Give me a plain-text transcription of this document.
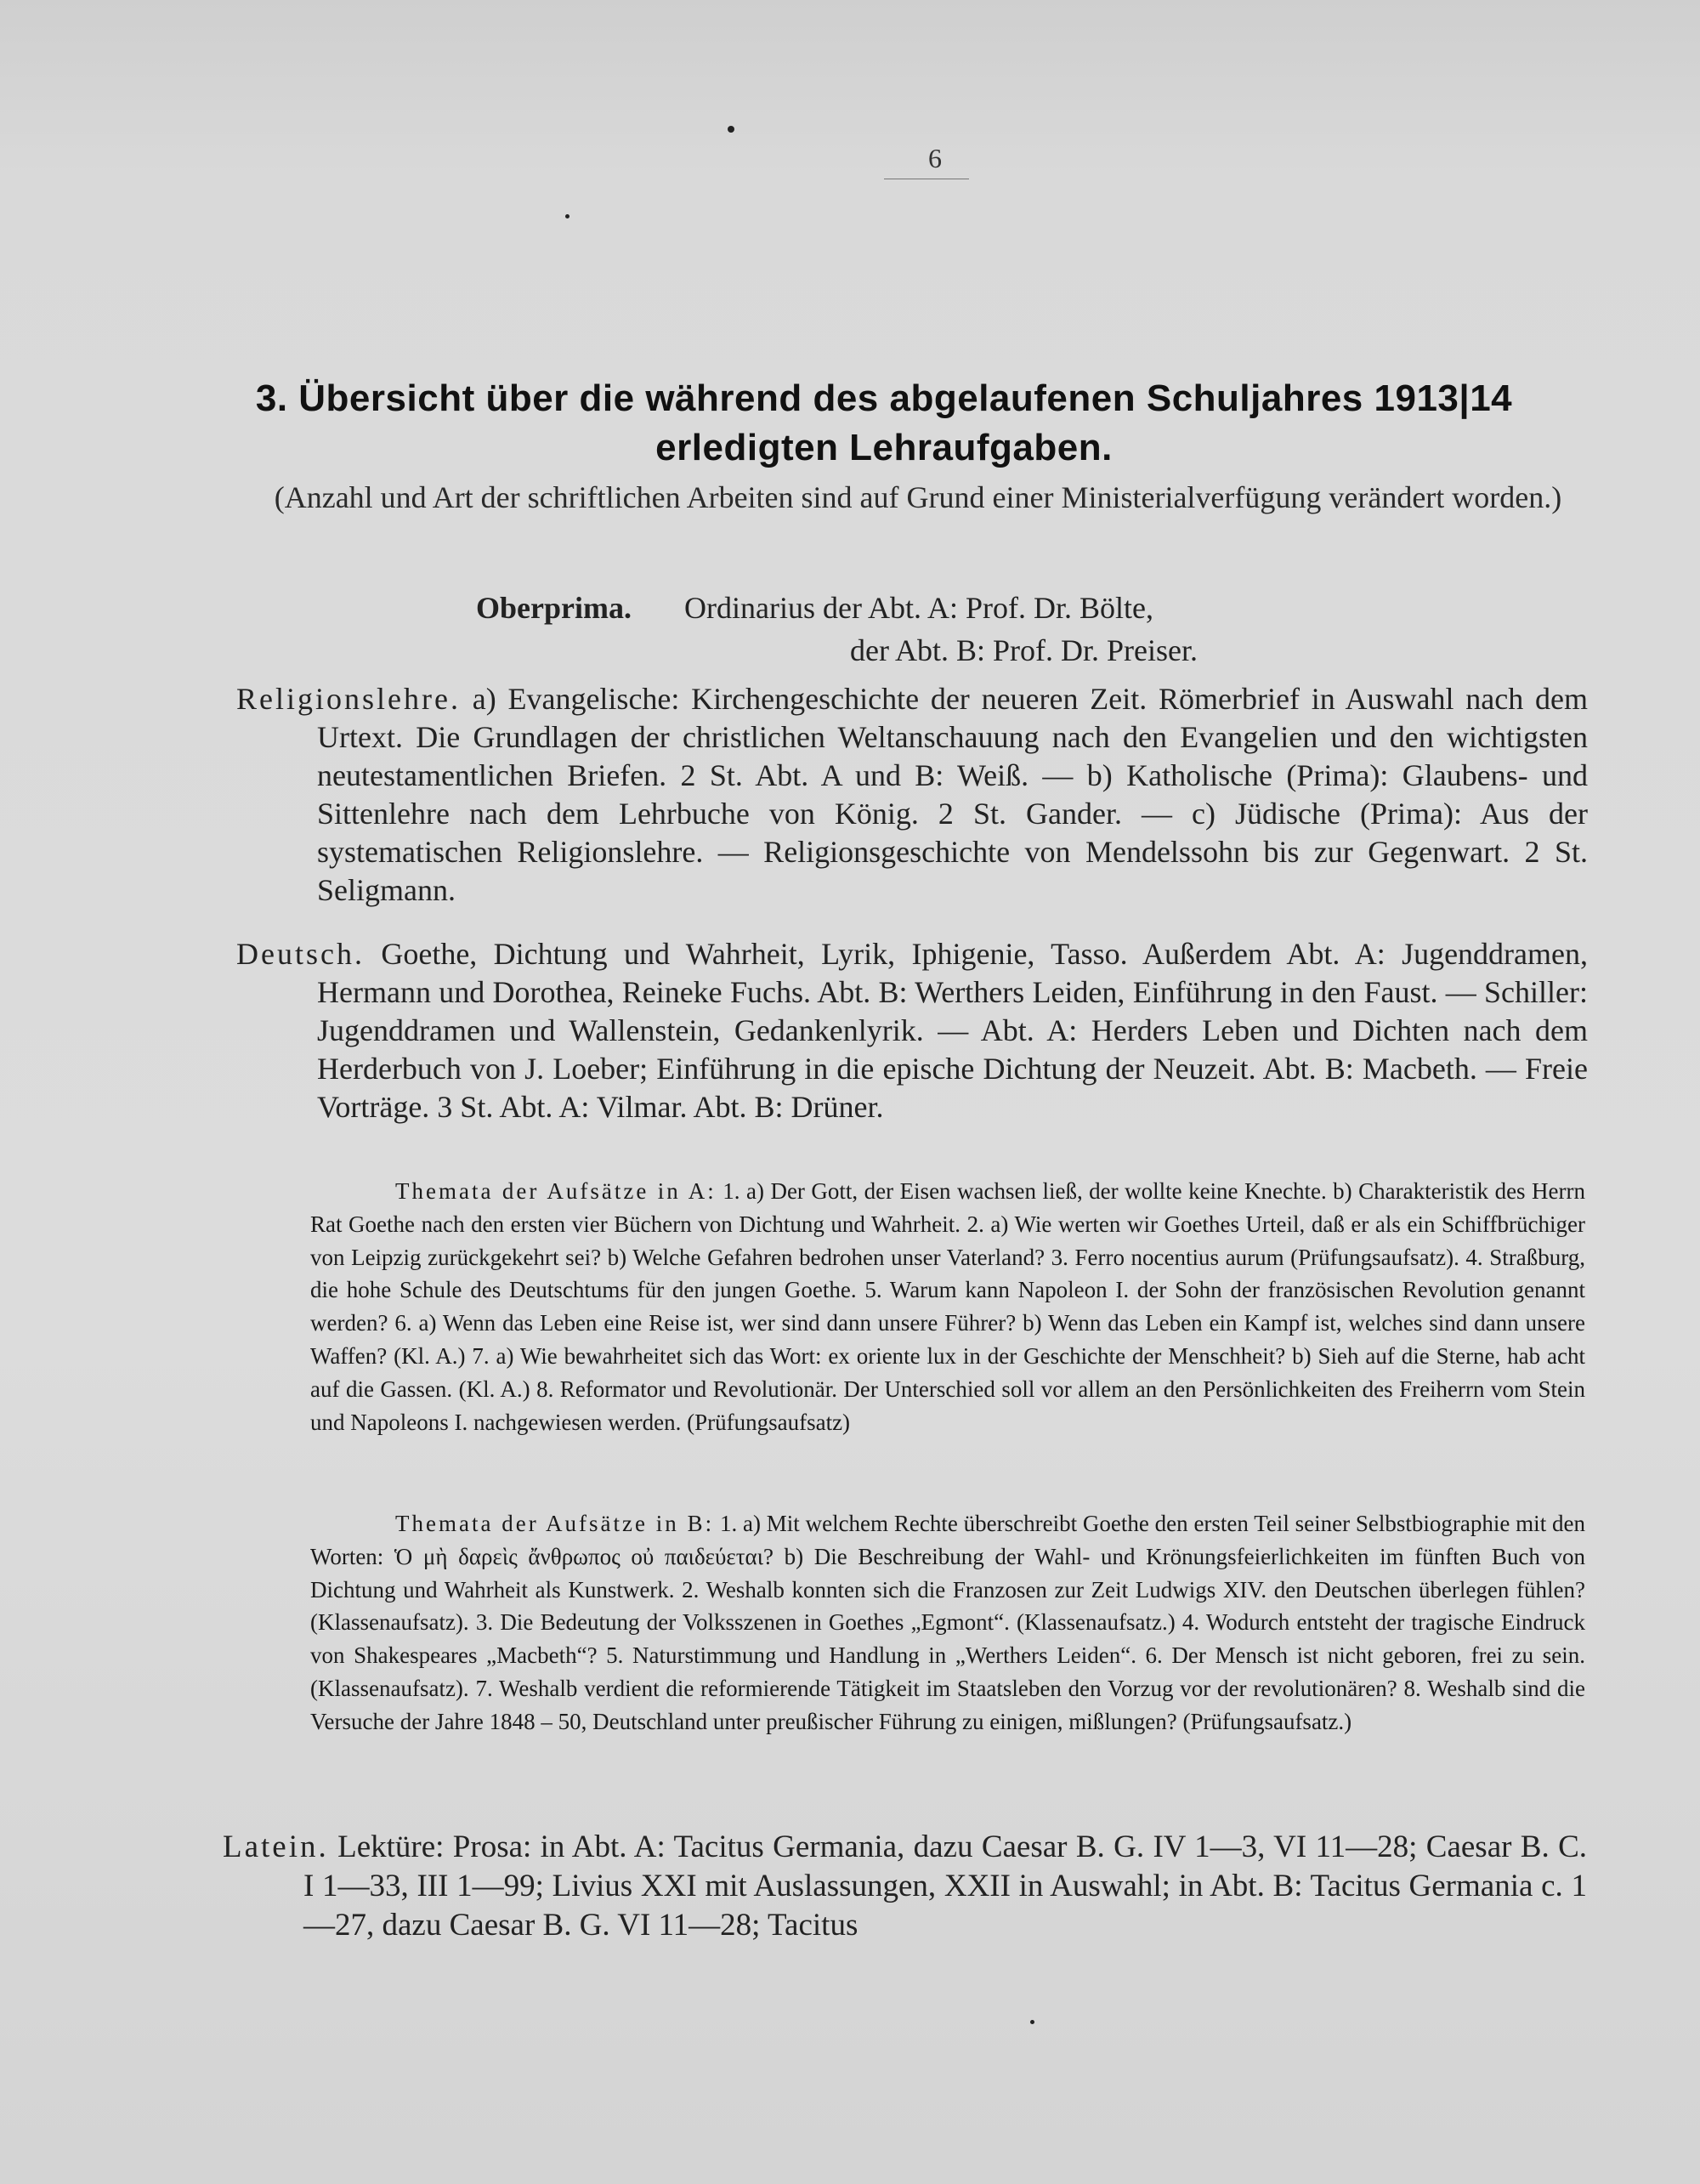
6
3. Übersicht über die während des abgelaufenen Schuljahres 1913|14
erledigten Lehraufgaben.
(Anzahl und Art der schriftlichen Arbeiten sind auf Grund einer Ministerialverfügung verändert worden.)
Oberprima. Ordinarius der Abt. A: Prof. Dr. Bölte,
der Abt. B: Prof. Dr. Preiser.
Religionslehre. a) Evangelische: Kirchengeschichte der neueren Zeit. Römerbrief in Auswahl nach dem Urtext. Die Grundlagen der christlichen Weltanschauung nach den Evangelien und den wichtigsten neutestamentlichen Briefen. 2 St. Abt. A und B: Weiß. — b) Katholische (Prima): Glaubens- und Sittenlehre nach dem Lehrbuche von König. 2 St. Gander. — c) Jüdische (Prima): Aus der systematischen Religionslehre. — Religionsgeschichte von Mendelssohn bis zur Gegenwart. 2 St. Seligmann.
Deutsch. Goethe, Dichtung und Wahrheit, Lyrik, Iphigenie, Tasso. Außerdem Abt. A: Jugenddramen, Hermann und Dorothea, Reineke Fuchs. Abt. B: Werthers Leiden, Einführung in den Faust. — Schiller: Jugenddramen und Wallenstein, Gedankenlyrik. — Abt. A: Herders Leben und Dichten nach dem Herderbuch von J. Loeber; Einführung in die epische Dichtung der Neuzeit. Abt. B: Macbeth. — Freie Vorträge. 3 St. Abt. A: Vilmar. Abt. B: Drüner.
Themata der Aufsätze in A: 1. a) Der Gott, der Eisen wachsen ließ, der wollte keine Knechte. b) Charakteristik des Herrn Rat Goethe nach den ersten vier Büchern von Dichtung und Wahrheit. 2. a) Wie werten wir Goethes Urteil, daß er als ein Schiffbrüchiger von Leipzig zurückgekehrt sei? b) Welche Gefahren bedrohen unser Vaterland? 3. Ferro nocentius aurum (Prüfungsaufsatz). 4. Straßburg, die hohe Schule des Deutschtums für den jungen Goethe. 5. Warum kann Napoleon I. der Sohn der französischen Revolution genannt werden? 6. a) Wenn das Leben eine Reise ist, wer sind dann unsere Führer? b) Wenn das Leben ein Kampf ist, welches sind dann unsere Waffen? (Kl. A.) 7. a) Wie bewahrheitet sich das Wort: ex oriente lux in der Geschichte der Menschheit? b) Sieh auf die Sterne, hab acht auf die Gassen. (Kl. A.) 8. Reformator und Revolutionär. Der Unterschied soll vor allem an den Persönlichkeiten des Freiherrn vom Stein und Napoleons I. nachgewiesen werden. (Prüfungsaufsatz)
Themata der Aufsätze in B: 1. a) Mit welchem Rechte überschreibt Goethe den ersten Teil seiner Selbstbiographie mit den Worten: Ὁ μὴ δαρεὶς ἄνθρωπος οὐ παιδεύεται? b) Die Beschreibung der Wahl- und Krönungsfeierlichkeiten im fünften Buch von Dichtung und Wahrheit als Kunstwerk. 2. Weshalb konnten sich die Franzosen zur Zeit Ludwigs XIV. den Deutschen überlegen fühlen? (Klassenaufsatz). 3. Die Bedeutung der Volksszenen in Goethes „Egmont“. (Klassenaufsatz.) 4. Wodurch entsteht der tragische Eindruck von Shakespeares „Macbeth“? 5. Naturstimmung und Handlung in „Werthers Leiden“. 6. Der Mensch ist nicht geboren, frei zu sein. (Klassenaufsatz). 7. Weshalb verdient die reformierende Tätigkeit im Staatsleben den Vorzug vor der revolutionären? 8. Weshalb sind die Versuche der Jahre 1848 – 50, Deutschland unter preußischer Führung zu einigen, mißlungen? (Prüfungsaufsatz.)
Latein. Lektüre: Prosa: in Abt. A: Tacitus Germania, dazu Caesar B. G. IV 1—3, VI 11—28; Caesar B. C. I 1—33, III 1—99; Livius XXI mit Auslassungen, XXII in Auswahl; in Abt. B: Tacitus Germania c. 1—27, dazu Caesar B. G. VI 11—28; Tacitus
